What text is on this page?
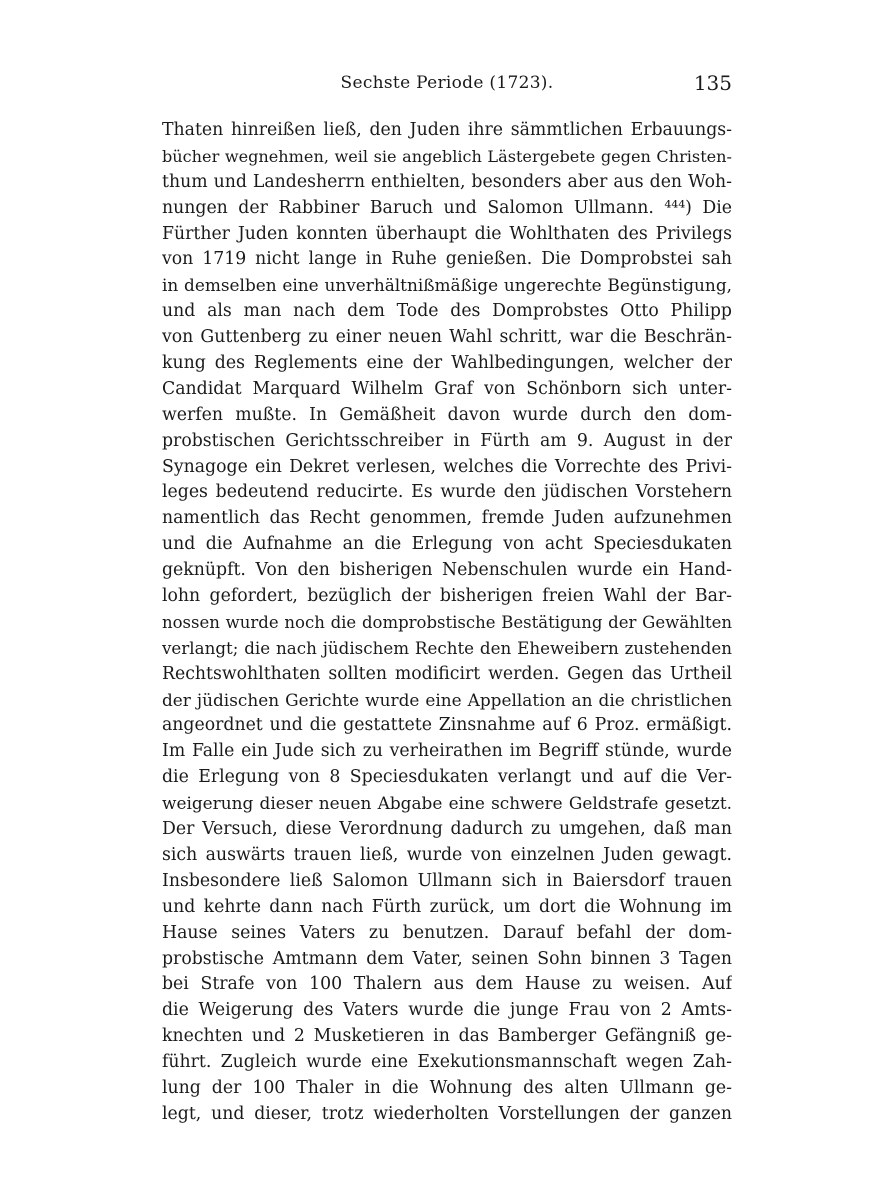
Sechste Periode (1723).	135
Thaten hinreißen ließ, den Juden ihre sämmtlichen Erbauungs-
bücher wegnehmen, weil sie angeblich Lästergebete gegen Christen-
thum und Landesherrn enthielten, besonders aber aus den Woh-
nungen der Rabbiner Baruch und Salomon Ullmann. ⁴⁴⁴) Die
Fürther Juden konnten überhaupt die Wohlthaten des Privilegs
von 1719 nicht lange in Ruhe genießen. Die Domprobstei sah
in demselben eine unverhältnißmäßige ungerechte Begünstigung,
und als man nach dem Tode des Domprobstes Otto Philipp
von Guttenberg zu einer neuen Wahl schritt, war die Beschrän-
kung des Reglements eine der Wahlbedingungen, welcher der
Candidat Marquard Wilhelm Graf von Schönborn sich unter-
werfen mußte. In Gemäßheit davon wurde durch den dom-
probstischen Gerichtsschreiber in Fürth am 9. August in der
Synagoge ein Dekret verlesen, welches die Vorrechte des Privi-
leges bedeutend reducirte. Es wurde den jüdischen Vorstehern
namentlich das Recht genommen, fremde Juden aufzunehmen
und die Aufnahme an die Erlegung von acht Speciesdukaten
geknüpft. Von den bisherigen Nebenschulen wurde ein Hand-
lohn gefordert, bezüglich der bisherigen freien Wahl der Bar-
nossen wurde noch die domprobstische Bestätigung der Gewählten
verlangt; die nach jüdischem Rechte den Eheweibern zustehenden
Rechtswohlthaten sollten modificirt werden. Gegen das Urtheil
der jüdischen Gerichte wurde eine Appellation an die christlichen
angeordnet und die gestattete Zinsnahme auf 6 Proz. ermäßigt.
Im Falle ein Jude sich zu verheirathen im Begriff stünde, wurde
die Erlegung von 8 Speciesdukaten verlangt und auf die Ver-
weigerung dieser neuen Abgabe eine schwere Geldstrafe gesetzt.
Der Versuch, diese Verordnung dadurch zu umgehen, daß man
sich auswärts trauen ließ, wurde von einzelnen Juden gewagt.
Insbesondere ließ Salomon Ullmann sich in Baiersdorf trauen
und kehrte dann nach Fürth zurück, um dort die Wohnung im
Hause seines Vaters zu benutzen. Darauf befahl der dom-
probstische Amtmann dem Vater, seinen Sohn binnen 3 Tagen
bei Strafe von 100 Thalern aus dem Hause zu weisen. Auf
die Weigerung des Vaters wurde die junge Frau von 2 Amts-
knechten und 2 Musketieren in das Bamberger Gefängniß ge-
führt. Zugleich wurde eine Exekutionsmannschaft wegen Zah-
lung der 100 Thaler in die Wohnung des alten Ullmann ge-
legt, und dieser, trotz wiederholten Vorstellungen der ganzen
